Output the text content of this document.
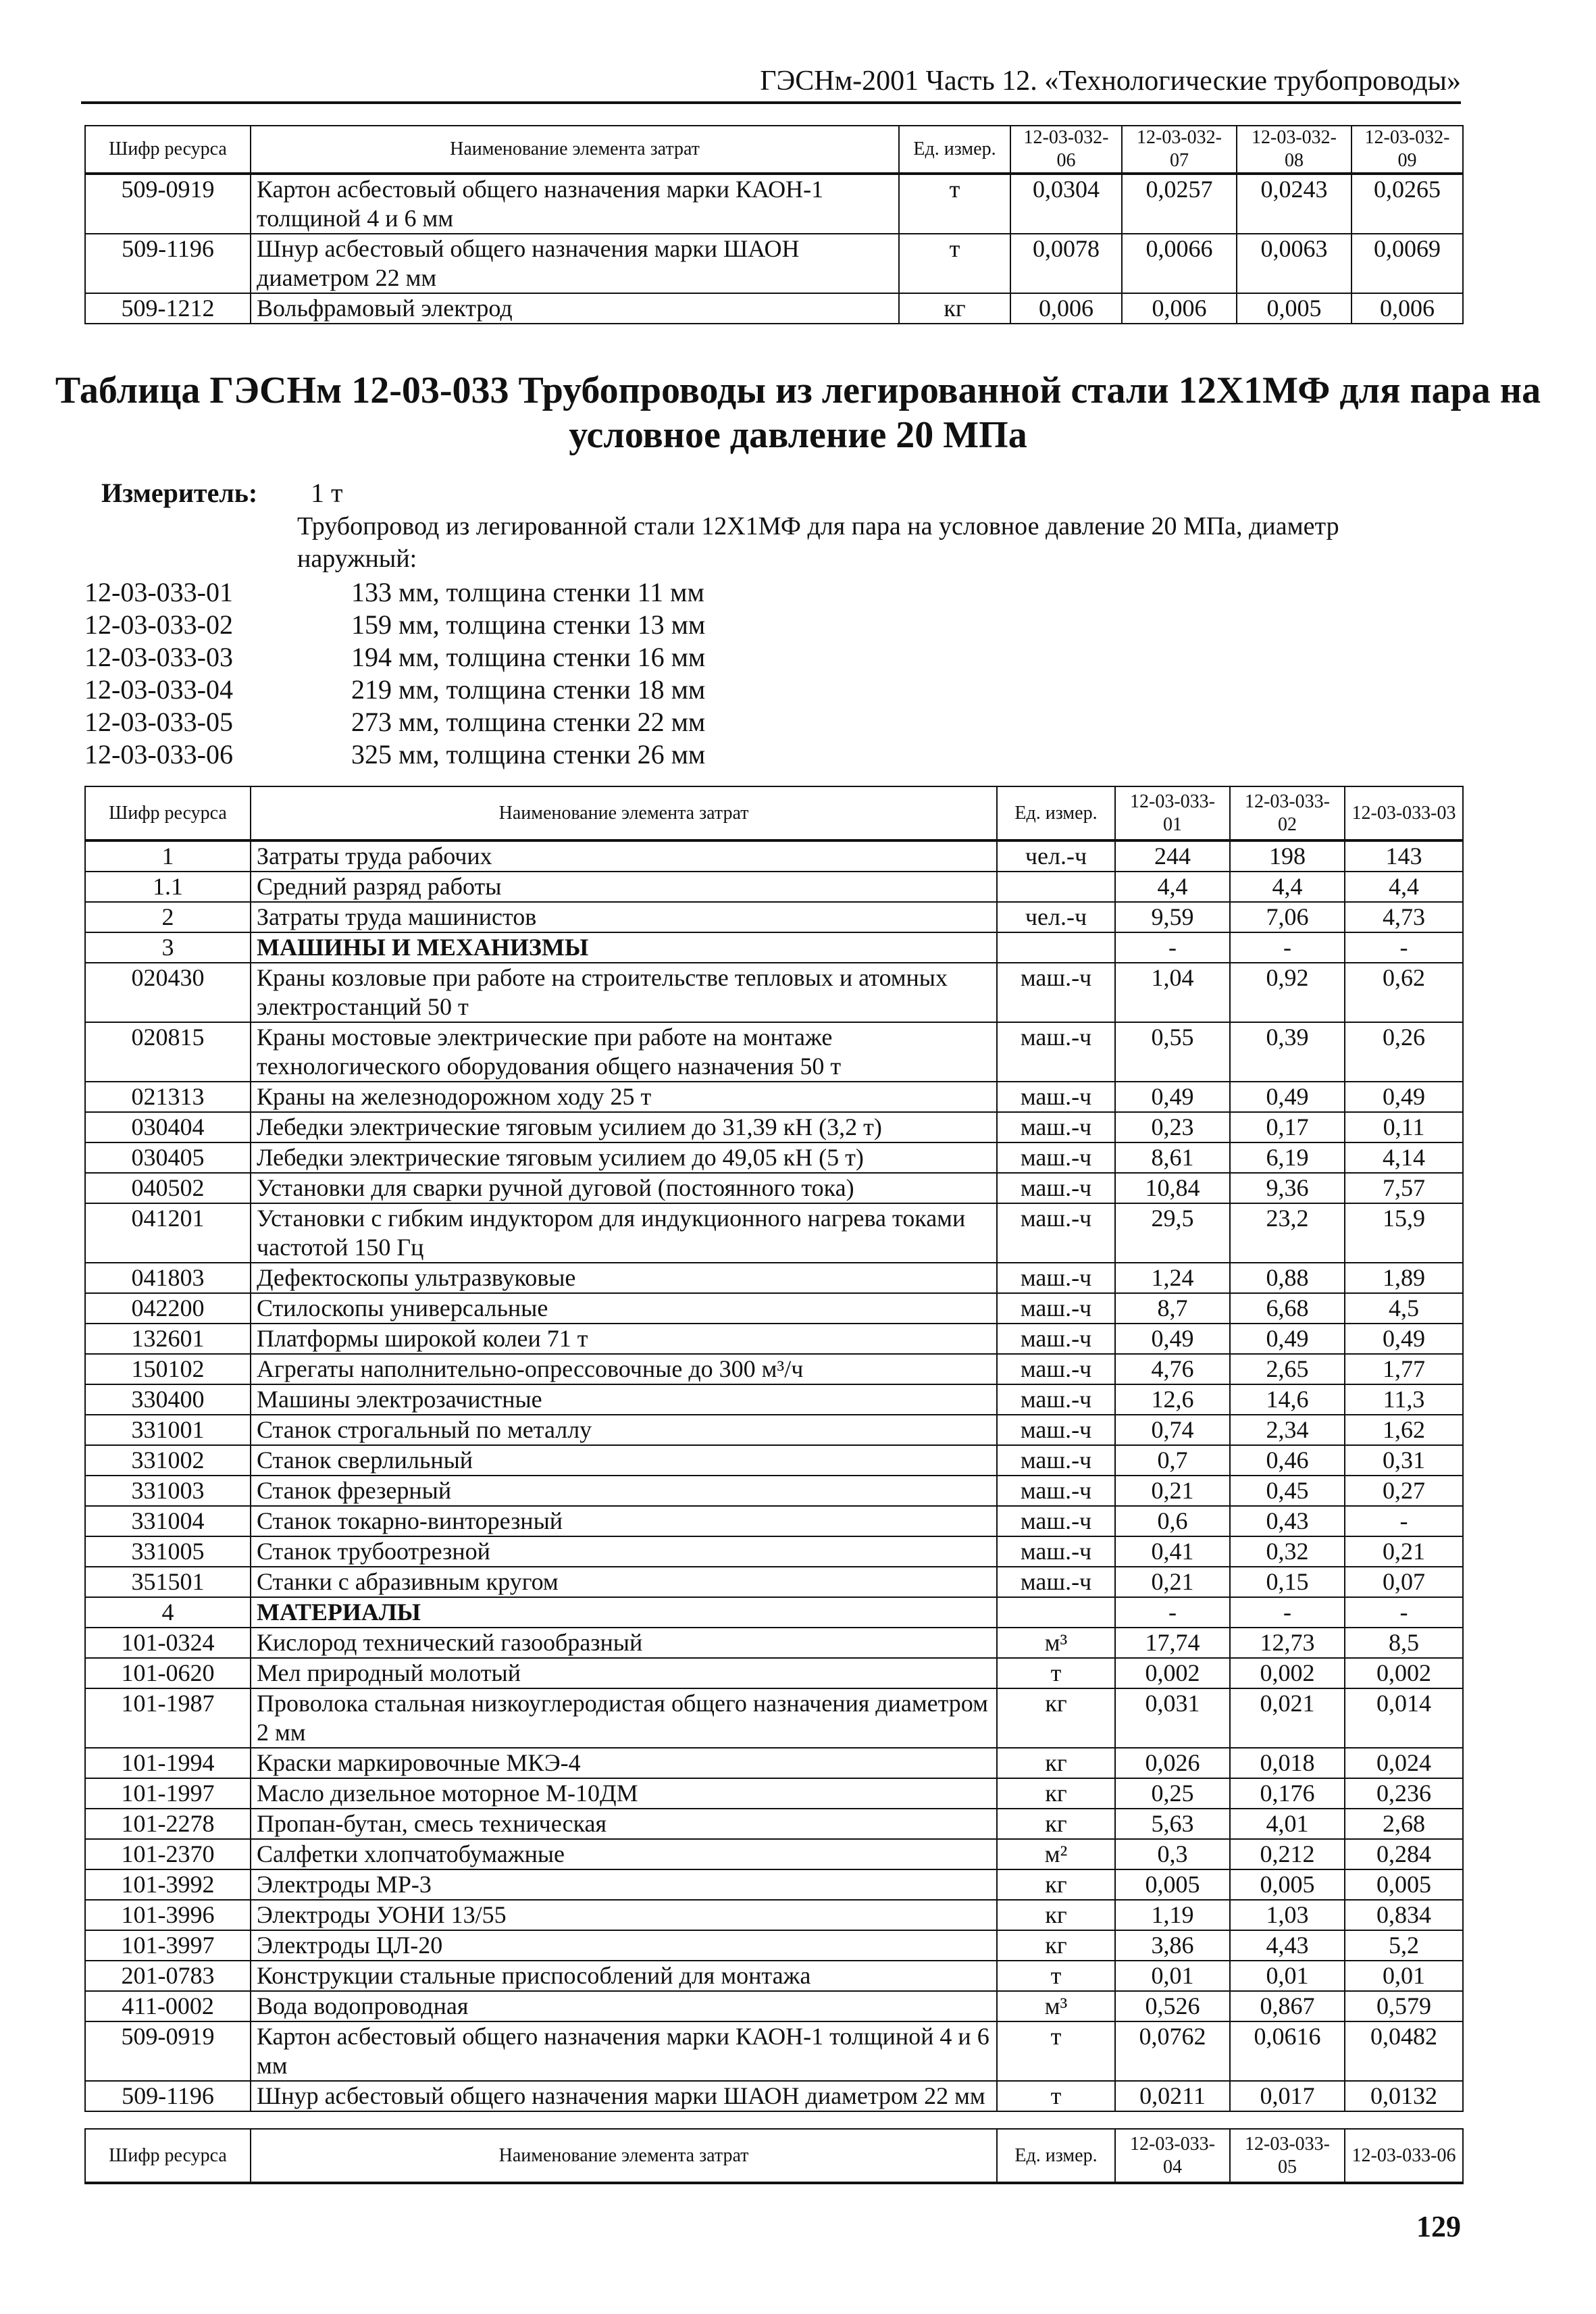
ГЭСНм-2001 Часть 12. «Технологические трубопроводы»
Шифр ресурса	Наименование элемента затрат	Ед. измер.	12-03-032-06	12-03-032-07	12-03-032-08	12-03-032-09
509-0919	Картон асбестовый общего назначения марки КАОН-1 толщиной 4 и 6 мм	т	0,0304	0,0257	0,0243	0,0265
509-1196	Шнур асбестовый общего назначения марки ШАОН диаметром 22 мм	т	0,0078	0,0066	0,0063	0,0069
509-1212	Вольфрамовый электрод	кг	0,006	0,006	0,005	0,006
Таблица ГЭСНм 12-03-033 Трубопроводы из легированной стали 12Х1МФ для пара на
условное давление 20 МПа
Измеритель: 1 т
Трубопровод из легированной стали 12Х1МФ для пара на условное давление 20 МПа, диаметр
наружный:
12-03-033-01	133 мм, толщина стенки 11 мм
12-03-033-02	159 мм, толщина стенки 13 мм
12-03-033-03	194 мм, толщина стенки 16 мм
12-03-033-04	219 мм, толщина стенки 18 мм
12-03-033-05	273 мм, толщина стенки 22 мм
12-03-033-06	325 мм, толщина стенки 26 мм
Шифр ресурса	Наименование элемента затрат	Ед. измер.	12-03-033-01	12-03-033-02	12-03-033-03
1	Затраты труда рабочих	чел.-ч	244	198	143
1.1	Средний разряд работы		4,4	4,4	4,4
2	Затраты труда машинистов	чел.-ч	9,59	7,06	4,73
3	МАШИНЫ И МЕХАНИЗМЫ		-	-	-
020430	Краны козловые при работе на строительстве тепловых и атомных электростанций 50 т	маш.-ч	1,04	0,92	0,62
020815	Краны мостовые электрические при работе на монтаже технологического оборудования общего назначения 50 т	маш.-ч	0,55	0,39	0,26
021313	Краны на железнодорожном ходу 25 т	маш.-ч	0,49	0,49	0,49
030404	Лебедки электрические тяговым усилием до 31,39 кН (3,2 т)	маш.-ч	0,23	0,17	0,11
030405	Лебедки электрические тяговым усилием до 49,05 кН (5 т)	маш.-ч	8,61	6,19	4,14
040502	Установки для сварки ручной дуговой (постоянного тока)	маш.-ч	10,84	9,36	7,57
041201	Установки с гибким индуктором для индукционного нагрева токами частотой 150 Гц	маш.-ч	29,5	23,2	15,9
041803	Дефектоскопы ультразвуковые	маш.-ч	1,24	0,88	1,89
042200	Стилоскопы универсальные	маш.-ч	8,7	6,68	4,5
132601	Платформы широкой колеи 71 т	маш.-ч	0,49	0,49	0,49
150102	Агрегаты наполнительно-опрессовочные до 300 м³/ч	маш.-ч	4,76	2,65	1,77
330400	Машины электрозачистные	маш.-ч	12,6	14,6	11,3
331001	Станок строгальный по металлу	маш.-ч	0,74	2,34	1,62
331002	Станок сверлильный	маш.-ч	0,7	0,46	0,31
331003	Станок фрезерный	маш.-ч	0,21	0,45	0,27
331004	Станок токарно-винторезный	маш.-ч	0,6	0,43	-
331005	Станок трубоотрезной	маш.-ч	0,41	0,32	0,21
351501	Станки с абразивным кругом	маш.-ч	0,21	0,15	0,07
4	МАТЕРИАЛЫ		-	-	-
101-0324	Кислород технический газообразный	м³	17,74	12,73	8,5
101-0620	Мел природный молотый	т	0,002	0,002	0,002
101-1987	Проволока стальная низкоуглеродистая общего назначения диаметром 2 мм	кг	0,031	0,021	0,014
101-1994	Краски маркировочные МКЭ-4	кг	0,026	0,018	0,024
101-1997	Масло дизельное моторное М-10ДМ	кг	0,25	0,176	0,236
101-2278	Пропан-бутан, смесь техническая	кг	5,63	4,01	2,68
101-2370	Салфетки хлопчатобумажные	м²	0,3	0,212	0,284
101-3992	Электроды МР-3	кг	0,005	0,005	0,005
101-3996	Электроды УОНИ 13/55	кг	1,19	1,03	0,834
101-3997	Электроды ЦЛ-20	кг	3,86	4,43	5,2
201-0783	Конструкции стальные приспособлений для монтажа	т	0,01	0,01	0,01
411-0002	Вода водопроводная	м³	0,526	0,867	0,579
509-0919	Картон асбестовый общего назначения марки КАОН-1 толщиной 4 и 6 мм	т	0,0762	0,0616	0,0482
509-1196	Шнур асбестовый общего назначения марки ШАОН диаметром 22 мм	т	0,0211	0,017	0,0132
Шифр ресурса	Наименование элемента затрат	Ед. измер.	12-03-033-04	12-03-033-05	12-03-033-06
129
